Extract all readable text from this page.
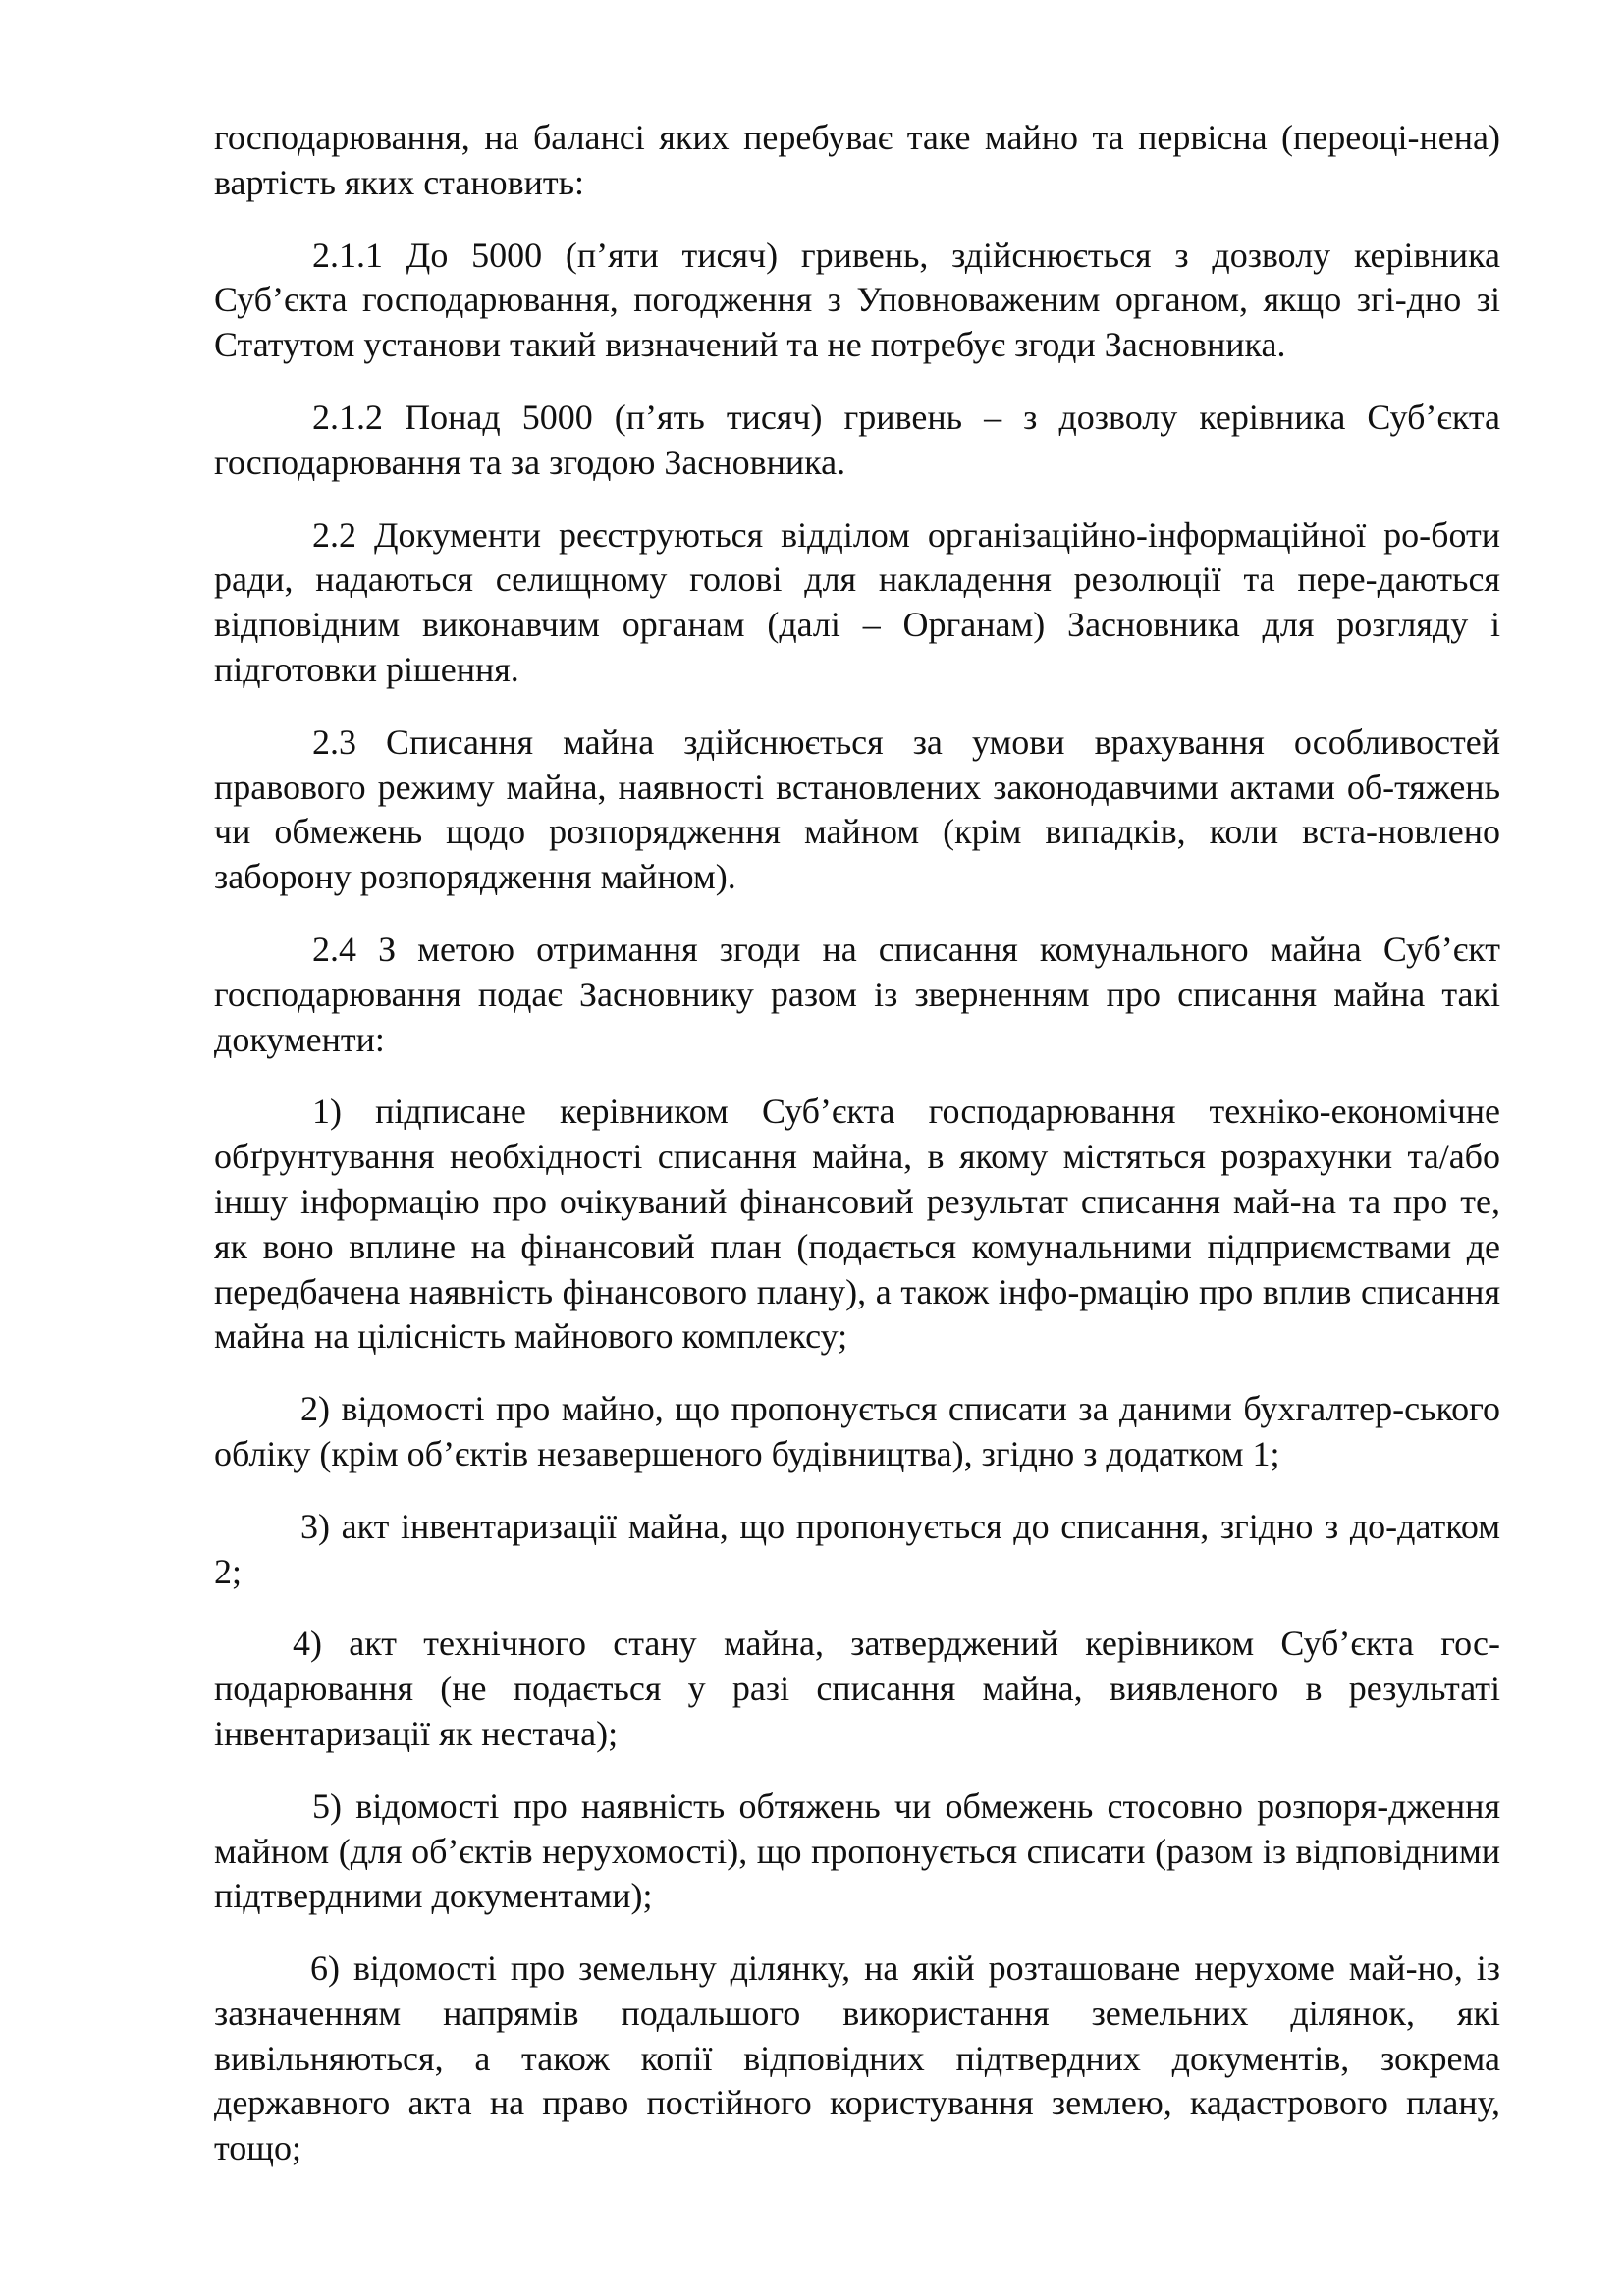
господарювання, на балансі яких перебуває таке майно та первісна (переоці-нена) вартість яких становить:

2.1.1 До 5000 (п’яти тисяч) гривень, здійснюється з дозволу керівника Суб’єкта господарювання, погодження з Уповноваженим органом, якщо згі-дно зі Статутом установи такий визначений та не потребує згоди Засновника.

2.1.2 Понад 5000 (п’ять тисяч) гривень – з дозволу керівника Суб’єкта господарювання та за згодою Засновника.

2.2 Документи реєструються відділом організаційно-інформаційної ро-боти ради, надаються селищному голові для накладення резолюції та пере-даються відповідним виконавчим органам (далі – Органам) Засновника для розгляду і підготовки рішення.

2.3 Списання майна здійснюється за умови врахування особливостей правового режиму майна, наявності встановлених законодавчими актами об-тяжень чи обмежень щодо розпорядження майном (крім випадків, коли вста-новлено заборону розпорядження майном).

2.4 З метою отримання згоди на списання комунального майна Суб’єкт господарювання подає Засновнику разом із зверненням про списання майна такі документи:

1) підписане керівником Суб’єкта господарювання техніко-економічне обґрунтування необхідності списання майна, в якому містяться розрахунки та/або іншу інформацію про очікуваний фінансовий результат списання май-на та про те, як воно вплине на фінансовий план (подається комунальними підприємствами де передбачена наявність фінансового плану), а також інфо-рмацію про вплив списання майна на цілісність майнового комплексу;

2) відомості про майно, що пропонується списати за даними бухгалтер-ського обліку (крім об’єктів незавершеного будівництва), згідно з додатком 1;

3) акт інвентаризації майна, що пропонується до списання, згідно з до-датком 2;

4) акт технічного стану майна, затверджений керівником Суб’єкта гос-подарювання (не подається у разі списання майна, виявленого в результаті інвентаризації як нестача);

5) відомості про наявність обтяжень чи обмежень стосовно розпоря-дження майном (для об’єктів нерухомості), що пропонується списати (разом із відповідними підтвердними документами);

6) відомості про земельну ділянку, на якій розташоване нерухоме май-но, із зазначенням напрямів подальшого використання земельних ділянок, які вивільняються, а також копії відповідних підтвердних документів, зокрема державного акта на право постійного користування землею, кадастрового плану, тощо;
